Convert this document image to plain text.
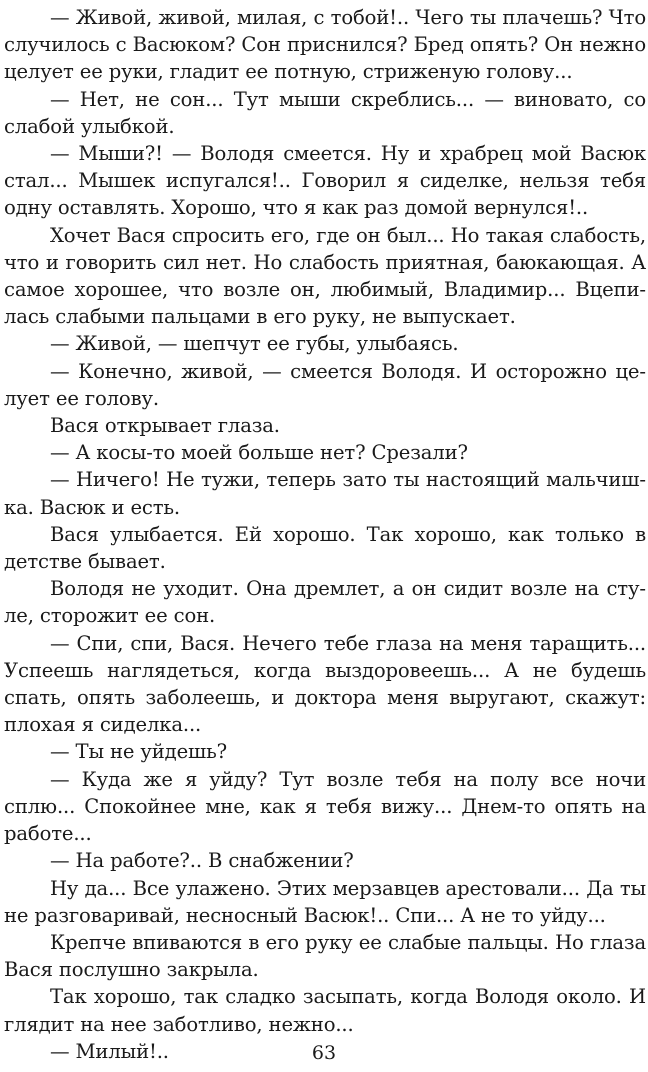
— Живой, живой, милая, с тобой!.. Чего ты плачешь? Что случилось с Васюком? Сон приснился? Бред опять? Он нежно целует ее руки, гладит ее потную, стриженую голову...

— Нет, не сон... Тут мыши скреблись... — виновато, со слабой улыбкой.

— Мыши?! — Володя смеется. Ну и храбрец мой Васюк стал... Мышек испугался!.. Говорил я сиделке, нельзя тебя одну оставлять. Хорошо, что я как раз домой вернулся!..

Хочет Вася спросить его, где он был... Но такая слабость, что и говорить сил нет. Но слабость приятная, баюкающая. А самое хорошее, что возле он, любимый, Владимир... Вцепилась слабыми пальцами в его руку, не выпускает.

— Живой, — шепчут ее губы, улыбаясь.

— Конечно, живой, — смеется Володя. И осторожно целует ее голову.

Вася открывает глаза.

— А косы-то моей больше нет? Срезали?

— Ничего! Не тужи, теперь зато ты настоящий мальчишка. Васюк и есть.

Вася улыбается. Ей хорошо. Так хорошо, как только в детстве бывает.

Володя не уходит. Она дремлет, а он сидит возле на стуле, сторожит ее сон.

— Спи, спи, Вася. Нечего тебе глаза на меня таращить... Успеешь наглядеться, когда выздоровеешь... А не будешь спать, опять заболеешь, и доктора меня выругают, скажут: плохая я сиделка...

— Ты не уйдешь?

— Куда же я уйду? Тут возле тебя на полу все ночи сплю... Спокойнее мне, как я тебя вижу... Днем-то опять на работе...

— На работе?.. В снабжении?

Ну да... Все улажено. Этих мерзавцев арестовали... Да ты не разговаривай, несносный Васюк!.. Спи... А не то уйду...

Крепче впиваются в его руку ее слабые пальцы. Но глаза Вася послушно закрыла.

Так хорошо, так сладко засыпать, когда Володя около. И глядит на нее заботливо, нежно...

— Милый!..	63
